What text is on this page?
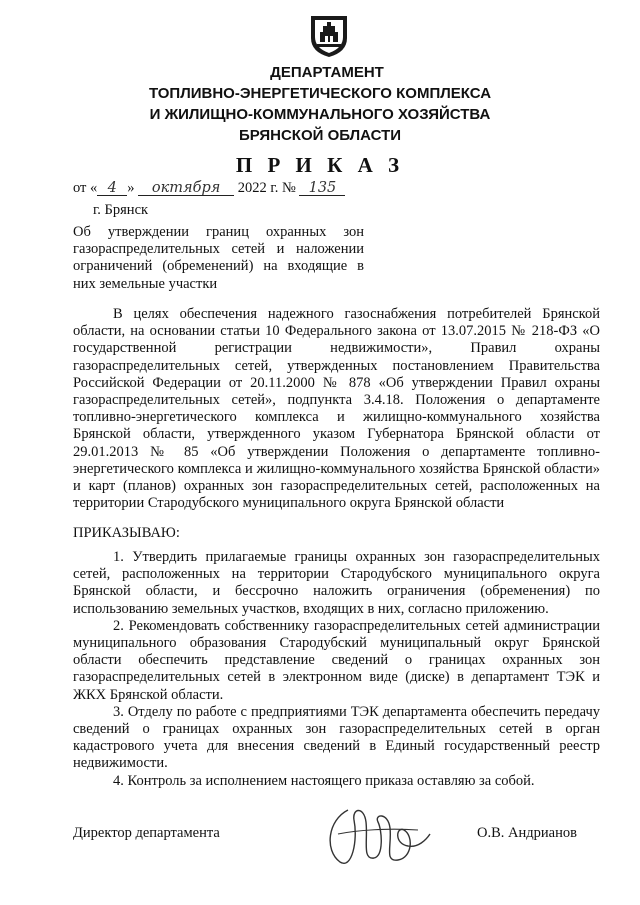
ДЕПАРТАМЕНТ
ТОПЛИВНО-ЭНЕРГЕТИЧЕСКОГО КОМПЛЕКСА
И ЖИЛИЩНО-КОММУНАЛЬНОГО ХОЗЯЙСТВА
БРЯНСКОЙ ОБЛАСТИ
П Р И К А З
от « 4 » октября 2022 г. № 135
г. Брянск
Об утверждении границ охранных зон газораспределительных сетей и наложении ограничений (обременений) на входящие в них земельные участки
В целях обеспечения надежного газоснабжения потребителей Брянской области, на основании статьи 10 Федерального закона от 13.07.2015 № 218-ФЗ «О государственной регистрации недвижимости», Правил охраны газораспределительных сетей, утвержденных постановлением Правительства Российской Федерации от 20.11.2000 № 878 «Об утверждении Правил охраны газораспределительных сетей», подпункта 3.4.18. Положения о департаменте топливно-энергетического комплекса и жилищно-коммунального хозяйства Брянской области, утвержденного указом Губернатора Брянской области от 29.01.2013 № 85 «Об утверждении Положения о департаменте топливно-энергетического комплекса и жилищно-коммунального хозяйства Брянской области» и карт (планов) охранных зон газораспределительных сетей, расположенных на территории Стародубского муниципального округа Брянской области
ПРИКАЗЫВАЮ:

1. Утвердить прилагаемые границы охранных зон газораспределительных сетей, расположенных на территории Стародубского муниципального округа Брянской области, и бессрочно наложить ограничения (обременения) по использованию земельных участков, входящих в них, согласно приложению.

2. Рекомендовать собственнику газораспределительных сетей администрации муниципального образования Стародубский муниципальный округ Брянской области обеспечить представление сведений о границах охранных зон газораспределительных сетей в электронном виде (диске) в департамент ТЭК и ЖКХ Брянской области.

3. Отделу по работе с предприятиями ТЭК департамента обеспечить передачу сведений о границах охранных зон газораспределительных сетей в орган кадастрового учета для внесения сведений в Единый государственный реестр недвижимости.

4. Контроль за исполнением настоящего приказа оставляю за собой.

Директор департамента	О.В. Андрианов
